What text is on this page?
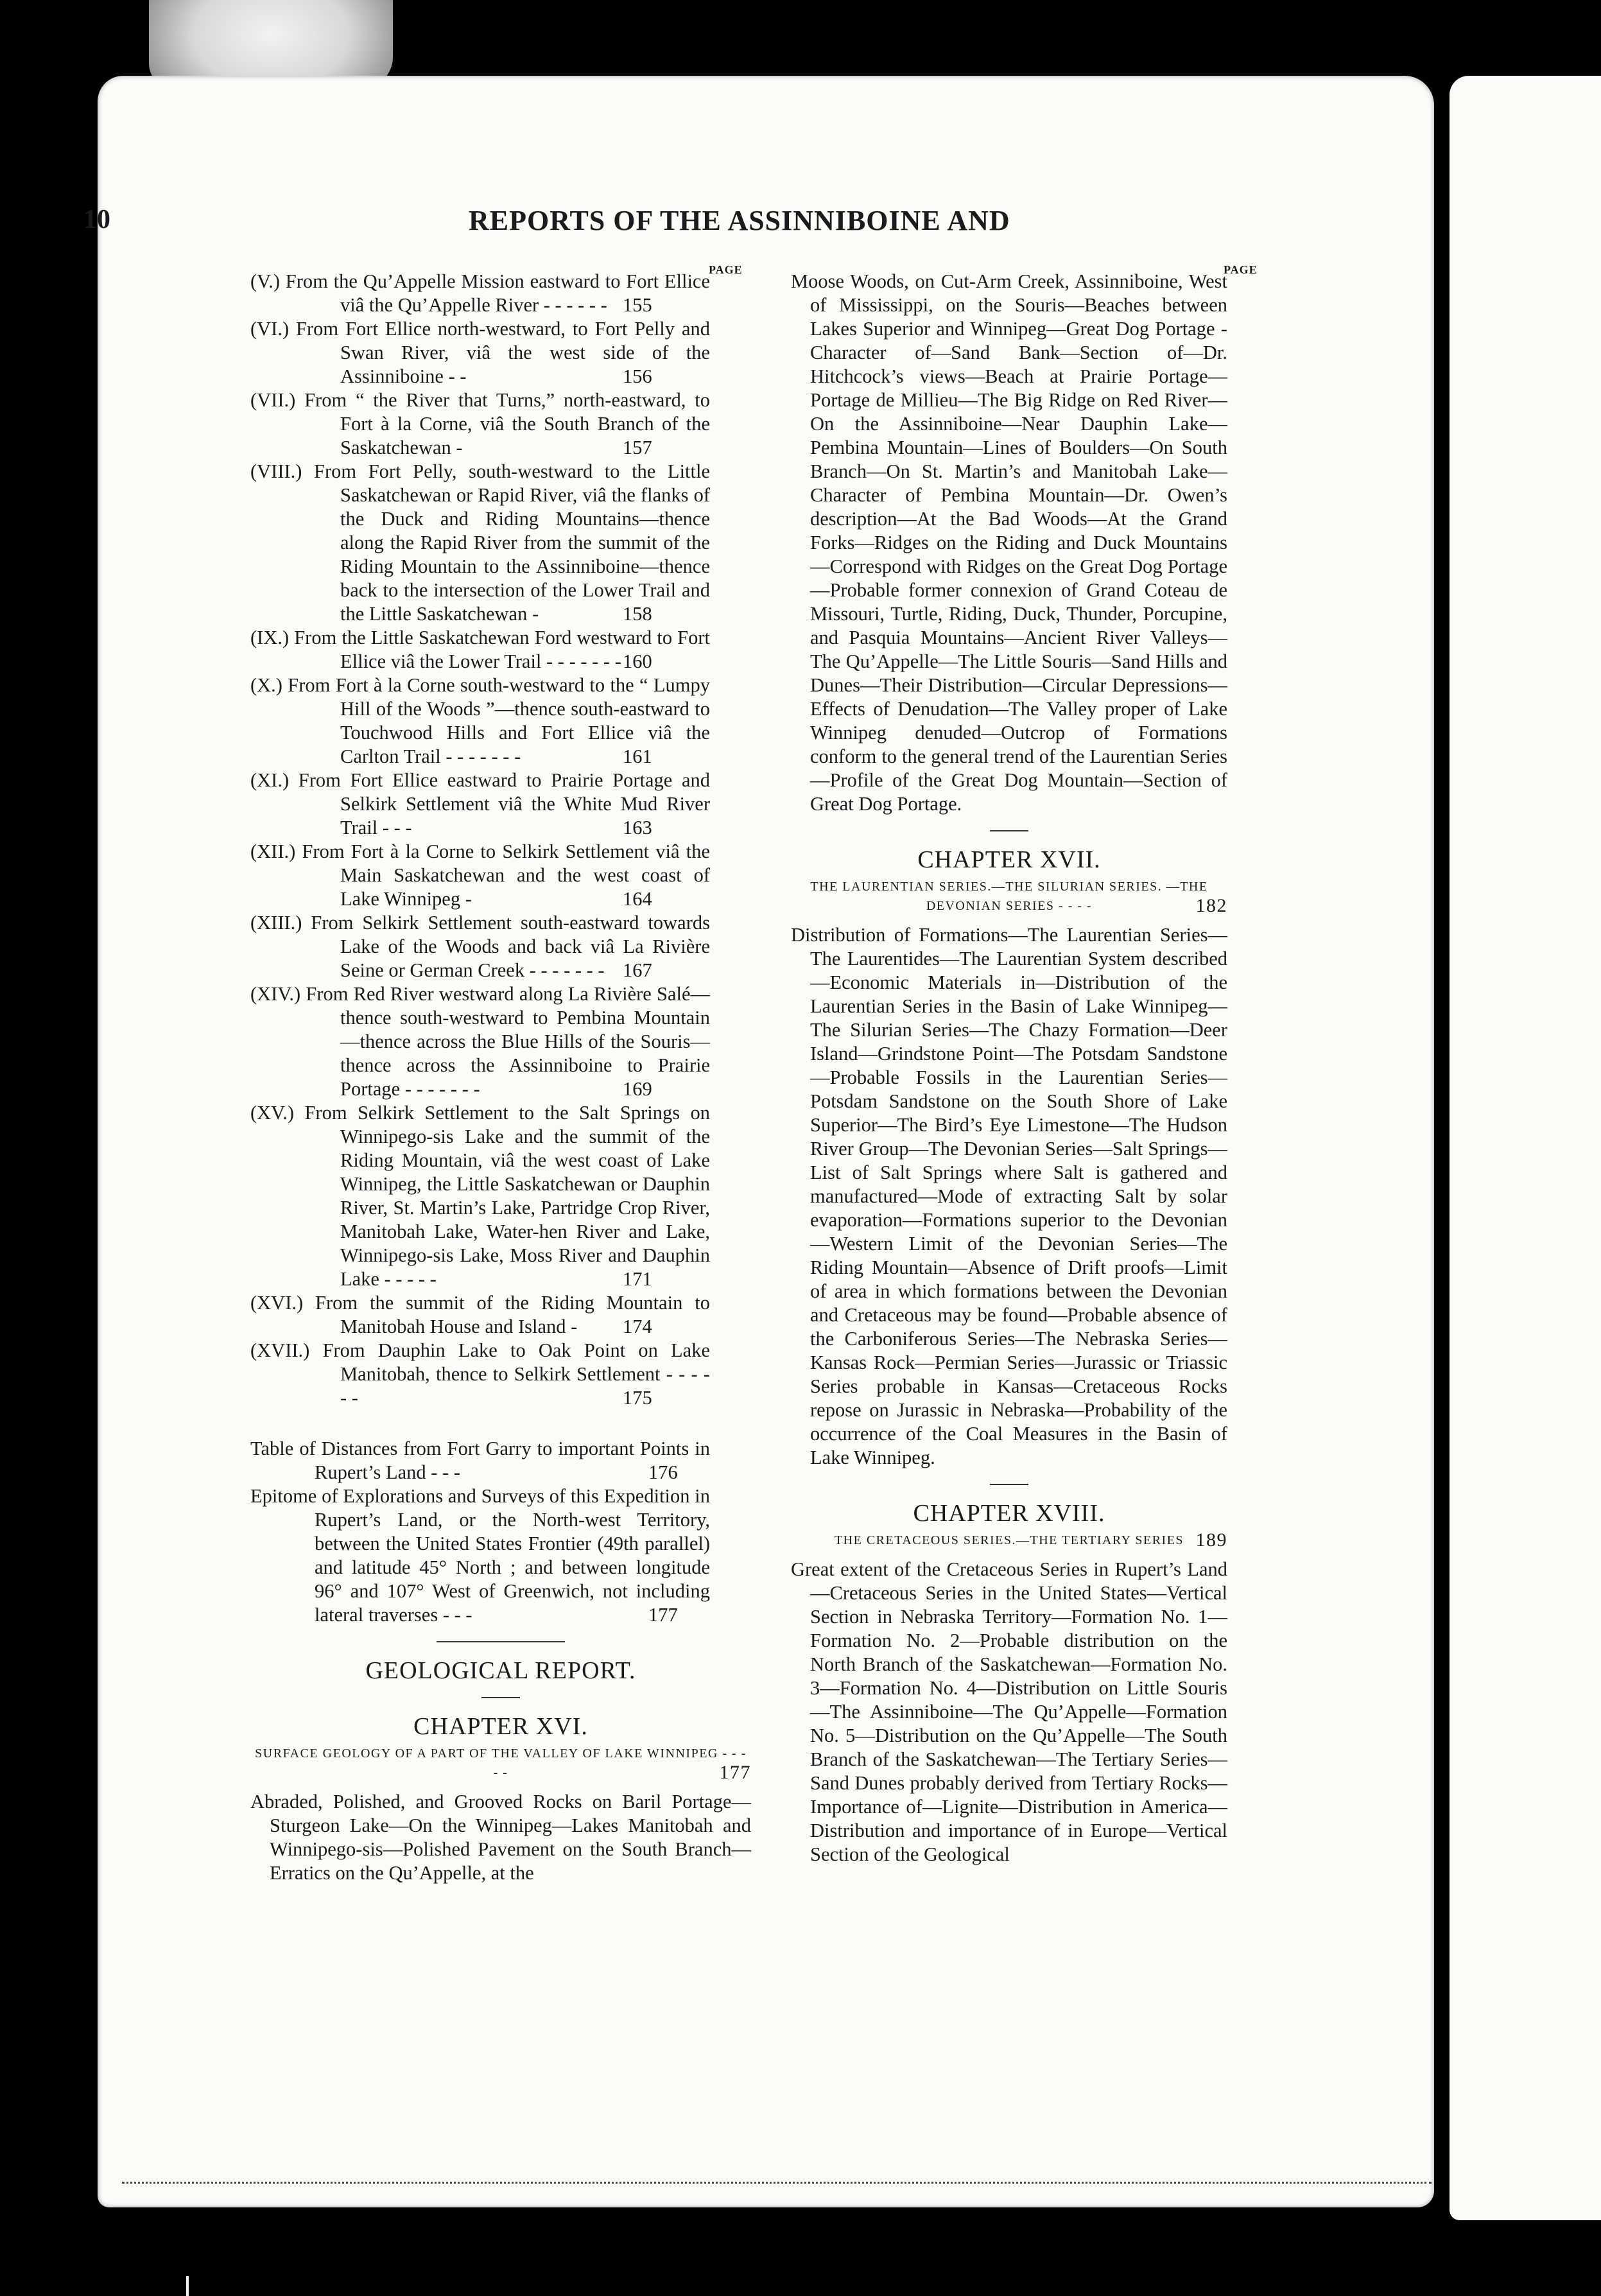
10	REPORTS OF THE ASSINNIBOINE AND
PAGE	PAGE
(V.) From the Qu’Appelle Mission eastward to Fort Ellice viâ the Qu’Appelle River - - - - - - 155
(VI.) From Fort Ellice north-westward, to Fort Pelly and Swan River, viâ the west side of the Assinniboine - -	156
(VII.) From “ the River that Turns,” north-eastward, to Fort à la Corne, viâ the South Branch of the Saskatchewan -	157
(VIII.) From Fort Pelly, south-westward to the Little Saskatchewan or Rapid River, viâ the flanks of the Duck and Riding Mountains—thence along the Rapid River from the summit of the Riding Mountain to the Assinniboine—thence back to the intersection of the Lower Trail and the Little Saskatchewan -	158
(IX.) From the Little Saskatchewan Ford westward to Fort Ellice viâ the Lower Trail - - - - - - - 160
(X.) From Fort à la Corne south-westward to the “ Lumpy Hill of the Woods ”—thence south-eastward to Touchwood Hills and Fort Ellice viâ the Carlton Trail - - - - - - -	161
(XI.) From Fort Ellice eastward to Prairie Portage and Selkirk Settlement viâ the White Mud River Trail - - -	163
(XII.) From Fort à la Corne to Selkirk Settlement viâ the Main Saskatchewan and the west coast of Lake Winnipeg -	164
(XIII.) From Selkirk Settlement south-eastward towards Lake of the Woods and back viâ La Rivière Seine or German Creek - - - - - - - 167
(XIV.) From Red River westward along La Rivière Salé—thence south-westward to Pembina Mountain—thence across the Blue Hills of the Souris—thence across the Assinniboine to Prairie Portage - - - - - - -	169
(XV.) From Selkirk Settlement to the Salt Springs on Winnipego-sis Lake and the summit of the Riding Mountain, viâ the west coast of Lake Winnipeg, the Little Saskatchewan or Dauphin River, St. Martin’s Lake, Partridge Crop River, Manitobah Lake, Water-hen River and Lake, Winnipego-sis Lake, Moss River and Dauphin Lake - - - - -	171
(XVI.) From the summit of the Riding Mountain to Manitobah House and Island -	174
(XVII.) From Dauphin Lake to Oak Point on Lake Manitobah, thence to Selkirk Settlement - - - - - -	175
Table of Distances from Fort Garry to important Points in Rupert’s Land - - -	176
Epitome of Explorations and Surveys of this Expedition in Rupert’s Land, or the North-west Territory, between the United States Frontier (49th parallel) and latitude 45° North ; and between longitude 96° and 107° West of Greenwich, not including lateral traverses - - -	177
GEOLOGICAL REPORT.
CHAPTER XVI.
SURFACE GEOLOGY OF A PART OF THE VALLEY OF LAKE WINNIPEG - - - - -	177
Abraded, Polished, and Grooved Rocks on Baril Portage—Sturgeon Lake—On the Winnipeg—Lakes Manitobah and Winnipego-sis—Polished Pavement on the South Branch—Erratics on the Qu’Appelle, at the
Moose Woods, on Cut-Arm Creek, Assinniboine, West of Mississippi, on the Souris—Beaches between Lakes Superior and Winnipeg—Great Dog Portage - Character of—Sand Bank—Section of—Dr. Hitchcock’s views—Beach at Prairie Portage—Portage de Millieu—The Big Ridge on Red River—On the Assinniboine—Near Dauphin Lake—Pembina Mountain—Lines of Boulders—On South Branch—On St. Martin’s and Manitobah Lake—Character of Pembina Mountain—Dr. Owen’s description—At the Bad Woods—At the Grand Forks—Ridges on the Riding and Duck Mountains—Correspond with Ridges on the Great Dog Portage—Probable former connexion of Grand Coteau de Missouri, Turtle, Riding, Duck, Thunder, Porcupine, and Pasquia Mountains—Ancient River Valleys—The Qu’Appelle—The Little Souris—Sand Hills and Dunes—Their Distribution—Circular Depressions—Effects of Denudation—The Valley proper of Lake Winnipeg denuded—Outcrop of Formations conform to the general trend of the Laurentian Series—Profile of the Great Dog Mountain—Section of Great Dog Portage.
CHAPTER XVII.
THE LAURENTIAN SERIES.—THE SILURIAN SERIES. —THE DEVONIAN SERIES - - - -	182
Distribution of Formations—The Laurentian Series—The Laurentides—The Laurentian System described—Economic Materials in—Distribution of the Laurentian Series in the Basin of Lake Winnipeg—The Silurian Series—The Chazy Formation—Deer Island—Grindstone Point—The Potsdam Sandstone—Probable Fossils in the Laurentian Series—Potsdam Sandstone on the South Shore of Lake Superior—The Bird’s Eye Limestone—The Hudson River Group—The Devonian Series—Salt Springs—List of Salt Springs where Salt is gathered and manufactured—Mode of extracting Salt by solar evaporation—Formations superior to the Devonian—Western Limit of the Devonian Series—The Riding Mountain—Absence of Drift proofs—Limit of area in which formations between the Devonian and Cretaceous may be found—Probable absence of the Carboniferous Series—The Nebraska Series—Kansas Rock—Permian Series—Jurassic or Triassic Series probable in Kansas—Cretaceous Rocks repose on Jurassic in Nebraska—Probability of the occurrence of the Coal Measures in the Basin of Lake Winnipeg.
CHAPTER XVIII.
THE CRETACEOUS SERIES.—THE TERTIARY SERIES 189
Great extent of the Cretaceous Series in Rupert’s Land—Cretaceous Series in the United States—Vertical Section in Nebraska Territory—Formation No. 1—Formation No. 2—Probable distribution on the North Branch of the Saskatchewan—Formation No. 3—Formation No. 4—Distribution on Little Souris—The Assinniboine—The Qu’Appelle—Formation No. 5—Distribution on the Qu’Appelle—The South Branch of the Saskatchewan—The Tertiary Series—Sand Dunes probably derived from Tertiary Rocks—Importance of—Lignite—Distribution in America—Distribution and importance of in Europe—Vertical Section of the Geological
